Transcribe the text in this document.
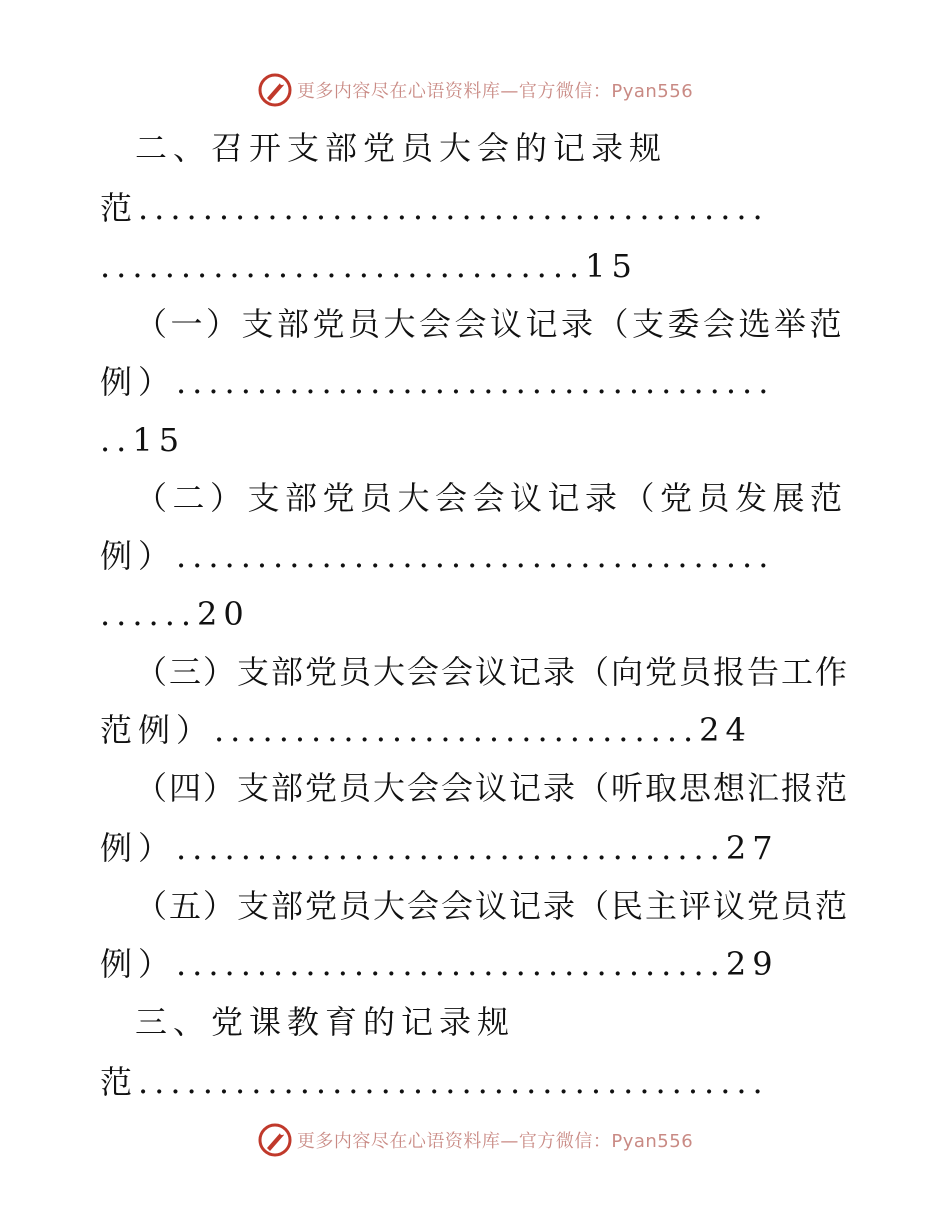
更多内容尽在心语资料库—官方微信：Pyan556
二、召开支部党员大会的记录规
范.......................................
..............................15
（一）支部党员大会会议记录（支委会选举范
例）.....................................
..15
（二）支部党员大会会议记录（党员发展范
例）.....................................
......20
（三）支部党员大会会议记录（向党员报告工作
范例）..............................24
（四）支部党员大会会议记录（听取思想汇报范
例）..................................27
（五）支部党员大会会议记录（民主评议党员范
例）..................................29
三、党课教育的记录规
范.......................................
更多内容尽在心语资料库—官方微信：Pyan556
